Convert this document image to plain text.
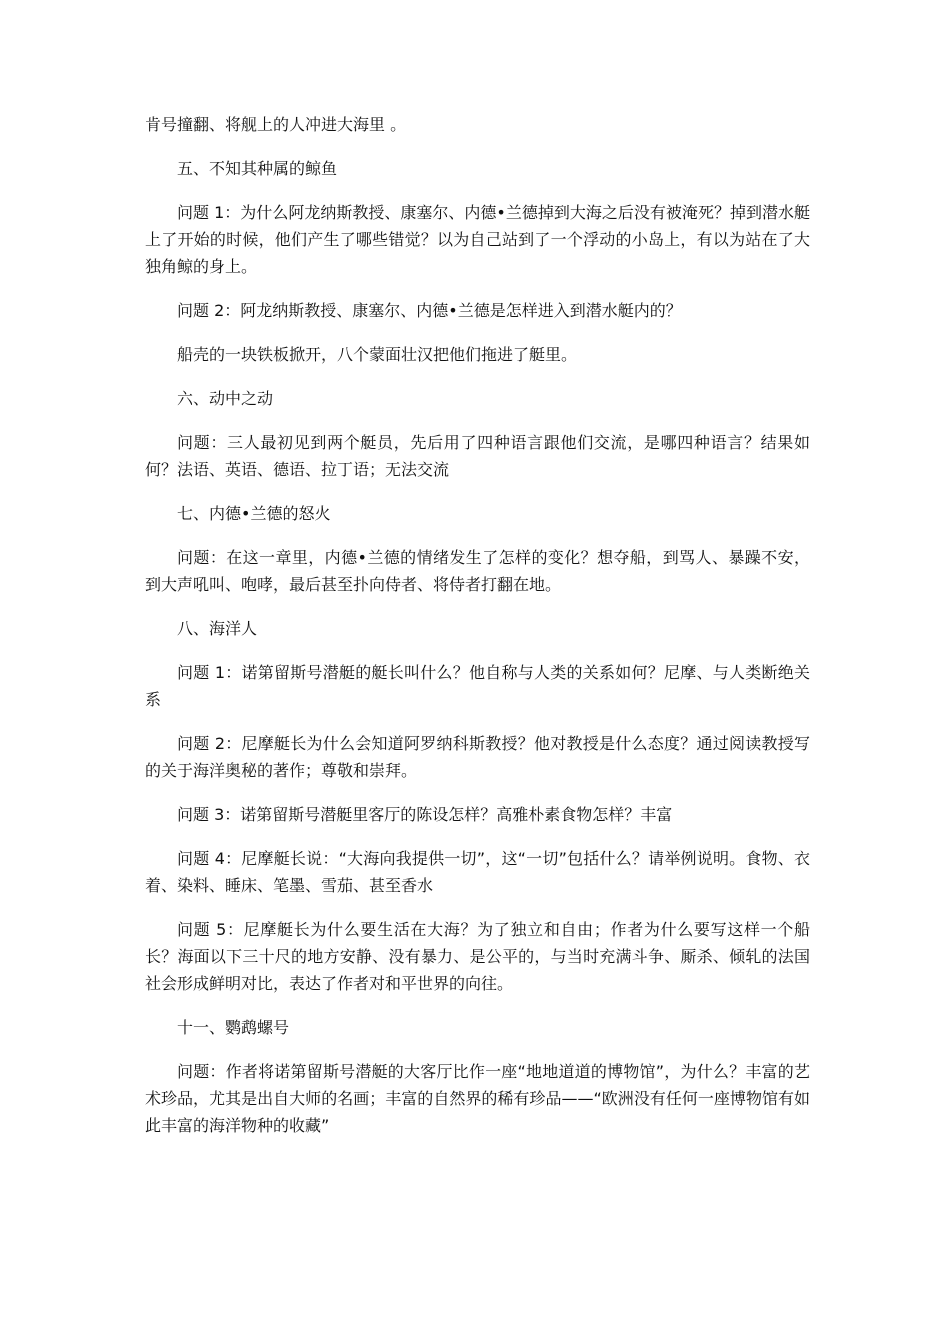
肯号撞翻、将舰上的人冲进大海里 。

五、不知其种属的鲸鱼

问题 1：为什么阿龙纳斯教授、康塞尔、内德•兰德掉到大海之后没有被淹死？掉到潜水艇上了开始的时候，他们产生了哪些错觉？以为自己站到了一个浮动的小岛上，有以为站在了大独角鲸的身上。

问题 2：阿龙纳斯教授、康塞尔、内德•兰德是怎样进入到潜水艇内的？

船壳的一块铁板掀开，八个蒙面壮汉把他们拖进了艇里。

六、动中之动

问题：三人最初见到两个艇员，先后用了四种语言跟他们交流，是哪四种语言？结果如何？法语、英语、德语、拉丁语；无法交流

七、内德•兰德的怒火

问题：在这一章里，内德•兰德的情绪发生了怎样的变化？想夺船，到骂人、暴躁不安，到大声吼叫、咆哮，最后甚至扑向侍者、将侍者打翻在地。

八、海洋人

问题 1：诺第留斯号潜艇的艇长叫什么？他自称与人类的关系如何？尼摩、与人类断绝关系

问题 2：尼摩艇长为什么会知道阿罗纳科斯教授？他对教授是什么态度？通过阅读教授写的关于海洋奥秘的著作；尊敬和崇拜。

问题 3：诺第留斯号潜艇里客厅的陈设怎样？高雅朴素食物怎样？丰富

问题 4：尼摩艇长说：“大海向我提供一切”，这“一切”包括什么？请举例说明。食物、衣着、染料、睡床、笔墨、雪茄、甚至香水

问题 5：尼摩艇长为什么要生活在大海？为了独立和自由；作者为什么要写这样一个船长？海面以下三十尺的地方安静、没有暴力、是公平的，与当时充满斗争、厮杀、倾轧的法国社会形成鲜明对比，表达了作者对和平世界的向往。

十一、鹦鹉螺号

问题：作者将诺第留斯号潜艇的大客厅比作一座“地地道道的博物馆”，为什么？丰富的艺术珍品，尤其是出自大师的名画；丰富的自然界的稀有珍品——“欧洲没有任何一座博物馆有如此丰富的海洋物种的收藏”
